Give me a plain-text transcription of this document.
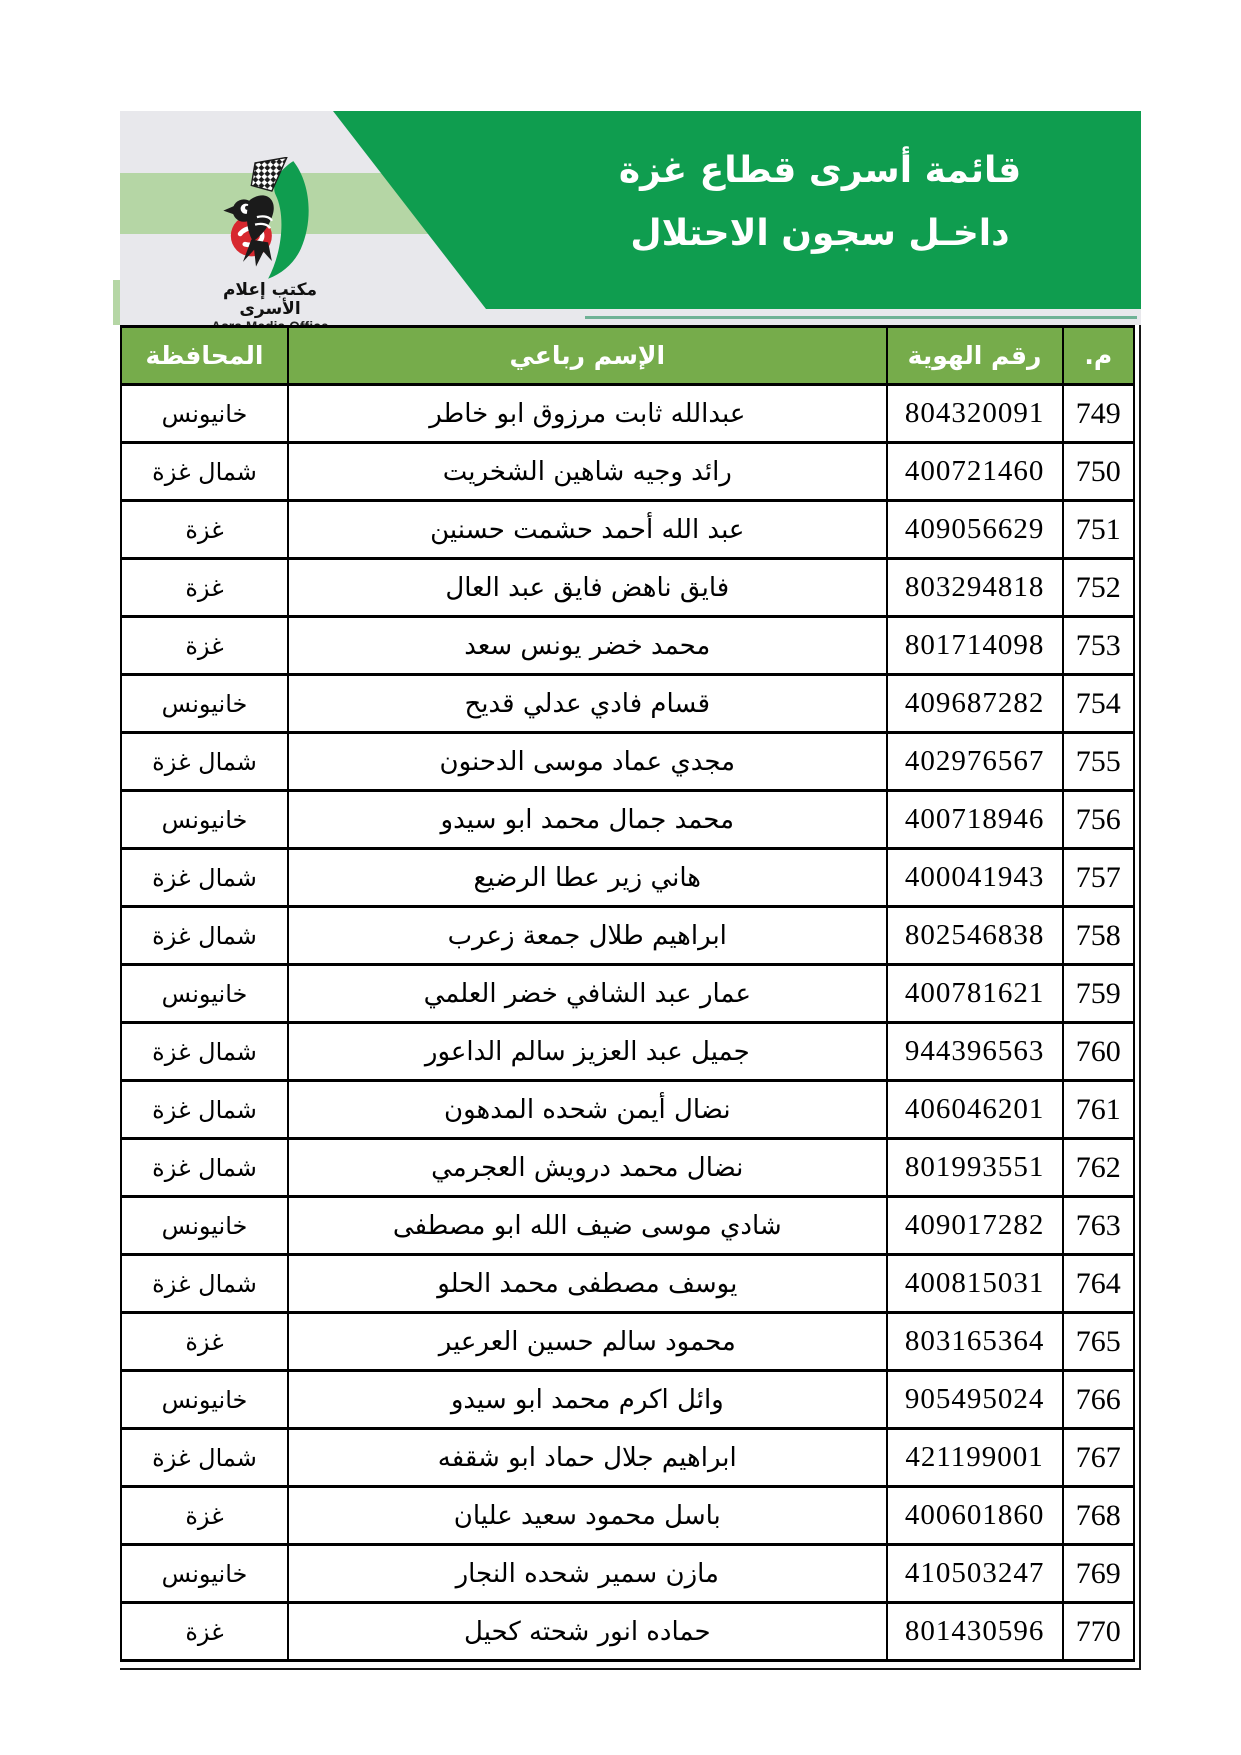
قائمة أسرى قطاع غزة
داخـل سجون الاحتلال
مكتب إعلام الأسرى
م.	رقم الهوية	الإسم رباعي	المحافظة
749	804320091	عبدالله ثابت مرزوق ابو خاطر	خانيونس
750	400721460	رائد وجيه شاهين الشخريت	شمال غزة
751	409056629	عبد الله أحمد حشمت حسنين	غزة
752	803294818	فايق ناهض فايق عبد العال	غزة
753	801714098	محمد خضر يونس سعد	غزة
754	409687282	قسام فادي عدلي قديح	خانيونس
755	402976567	مجدي عماد موسى الدحنون	شمال غزة
756	400718946	محمد جمال محمد ابو سيدو	خانيونس
757	400041943	هاني زير عطا الرضيع	شمال غزة
758	802546838	ابراهيم طلال جمعة زعرب	شمال غزة
759	400781621	عمار عبد الشافي خضر العلمي	خانيونس
760	944396563	جميل عبد العزيز سالم الداعور	شمال غزة
761	406046201	نضال أيمن شحده المدهون	شمال غزة
762	801993551	نضال محمد درويش العجرمي	شمال غزة
763	409017282	شادي موسى ضيف الله ابو مصطفى	خانيونس
764	400815031	يوسف مصطفى محمد الحلو	شمال غزة
765	803165364	محمود سالم حسين العرعير	غزة
766	905495024	وائل اكرم محمد ابو سيدو	خانيونس
767	421199001	ابراهيم جلال حماد ابو شقفه	شمال غزة
768	400601860	باسل محمود سعيد عليان	غزة
769	410503247	مازن سمير شحده النجار	خانيونس
770	801430596	حماده انور شحته كحيل	غزة
